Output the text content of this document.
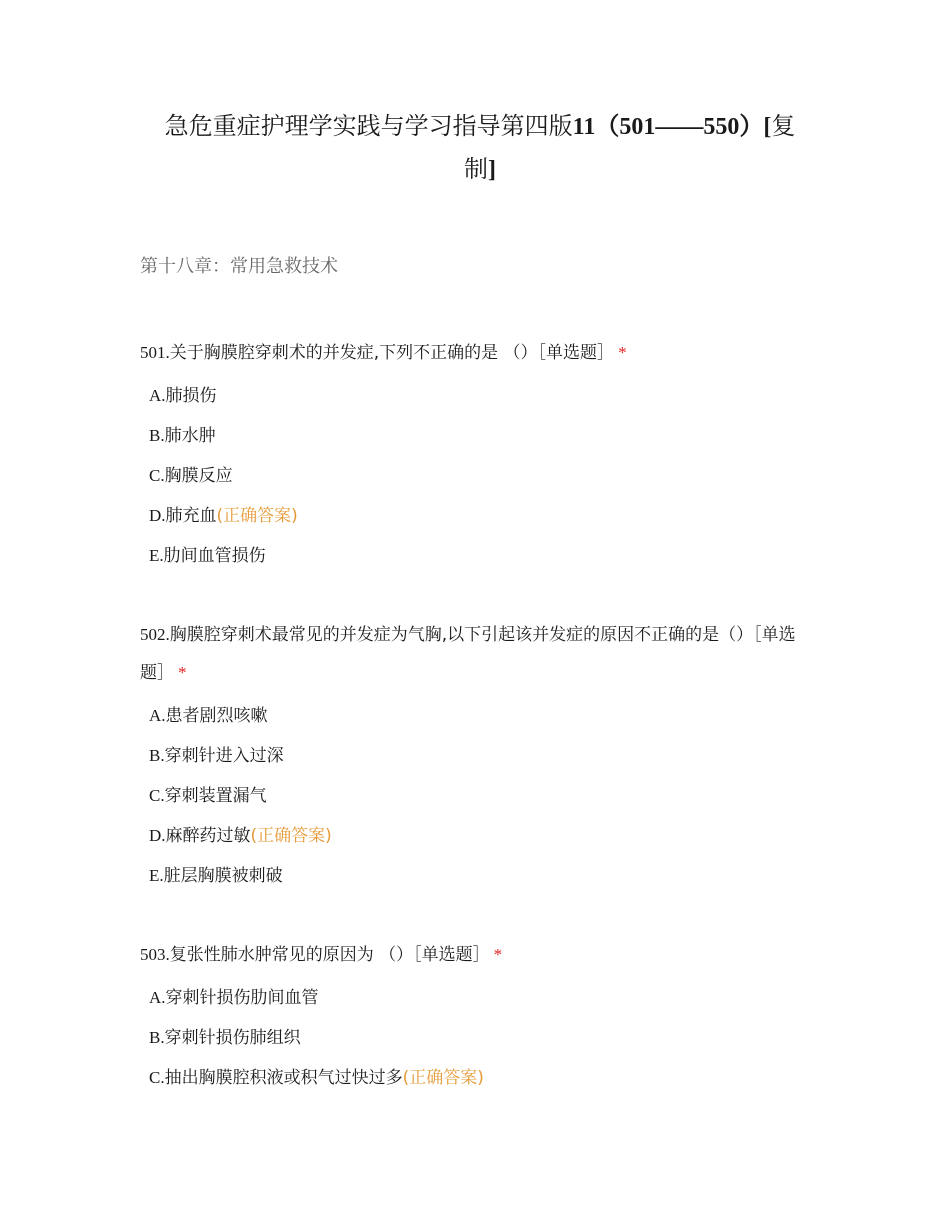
急危重症护理学实践与学习指导第四版11（501——550）[复
制]
第十八章：常用急救技术
501.关于胸膜腔穿刺术的并发症,下列不正确的是 （）［单选题］ *
A.肺损伤
B.肺水肿
C.胸膜反应
D.肺充血(正确答案)
E.肋间血管损伤
502.胸膜腔穿刺术最常见的并发症为气胸,以下引起该并发症的原因不正确的是（）［单选题］ *
A.患者剧烈咳嗽
B.穿刺针进入过深
C.穿刺装置漏气
D.麻醉药过敏(正确答案)
E.脏层胸膜被刺破
503.复张性肺水肿常见的原因为 （）［单选题］ *
A.穿刺针损伤肋间血管
B.穿刺针损伤肺组织
C.抽出胸膜腔积液或积气过快过多(正确答案)
